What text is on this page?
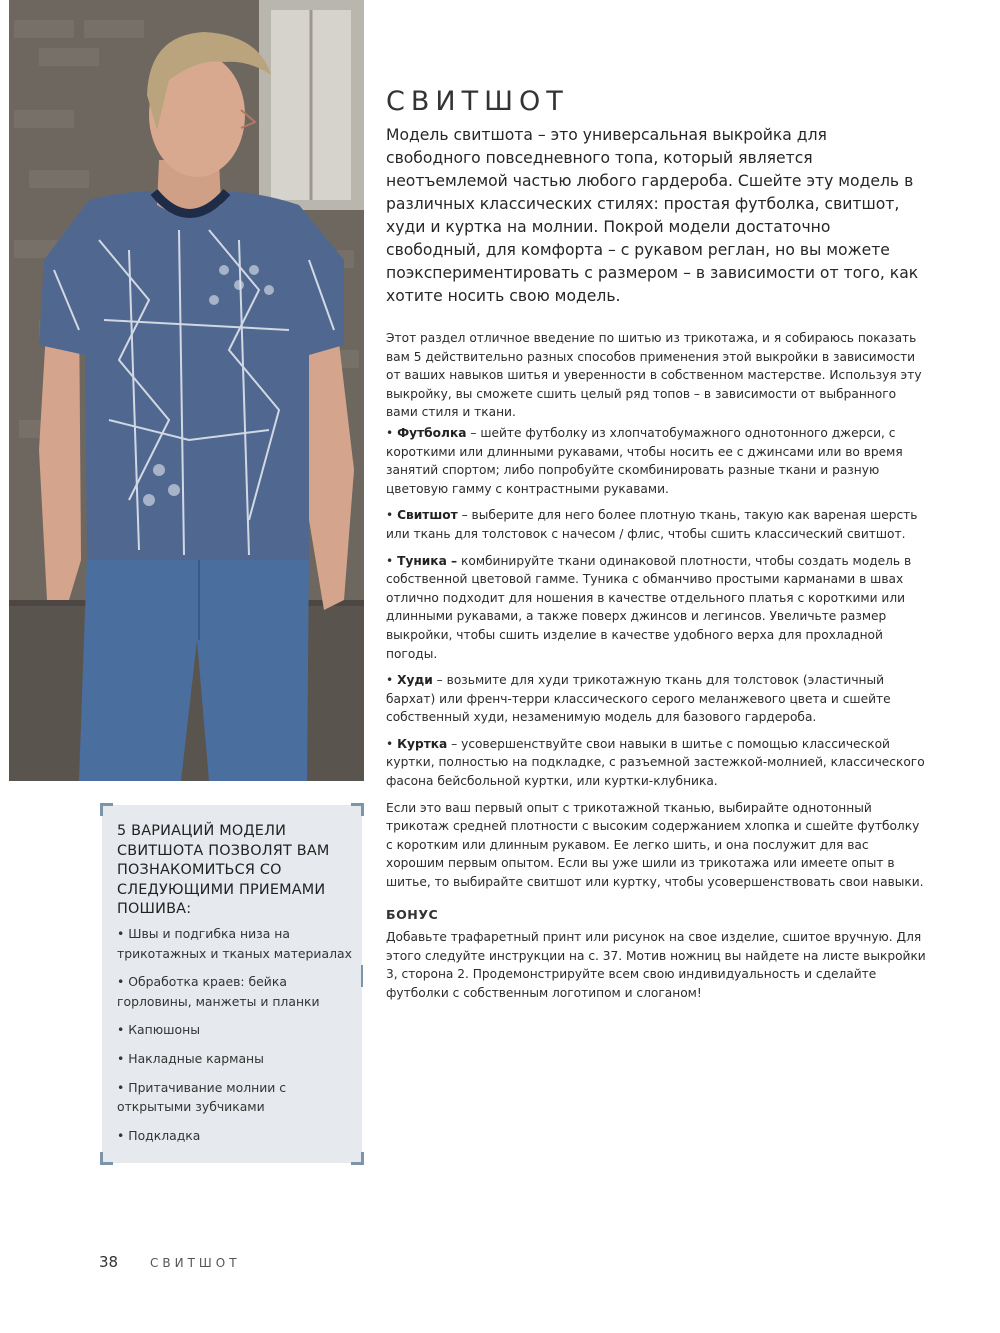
СВИТШОТ

Модель свитшота – это универсальная выкройка для свободного повседневного топа, который является неотъемлемой частью любого гардероба. Сшейте эту модель в различных классических стилях: простая футболка, свитшот, худи и куртка на молнии. Покрой модели достаточно свободный, для комфорта – с рукавом реглан, но вы можете поэкспериментировать с размером – в зависимости от того, как хотите носить свою модель.

Этот раздел отличное введение по шитью из трикотажа, и я собираюсь показать вам 5 действительно разных способов применения этой выкройки в зависимости от ваших навыков шитья и уверенности в собственном мастерстве. Используя эту выкройку, вы сможете сшить целый ряд топов – в зависимости от выбранного вами стиля и ткани.

• Футболка – шейте футболку из хлопчатобумажного однотонного джерси, с короткими или длинными рукавами, чтобы носить ее с джинсами или во время занятий спортом; либо попробуйте скомбинировать разные ткани и разную цветовую гамму с контрастными рукавами.

• Свитшот – выберите для него более плотную ткань, такую как вареная шерсть или ткань для толстовок с начесом / флис, чтобы сшить классический свитшот.

• Туника – комбинируйте ткани одинаковой плотности, чтобы создать модель в собственной цветовой гамме. Туника с обманчиво простыми карманами в швах отлично подходит для ношения в качестве отдельного платья с короткими или длинными рукавами, а также поверх джинсов и легинсов. Увеличьте размер выкройки, чтобы сшить изделие в качестве удобного верха для прохладной погоды.

• Худи – возьмите для худи трикотажную ткань для толстовок (эластичный бархат) или френч-терри классического серого меланжевого цвета и сшейте собственный худи, незаменимую модель для базового гардероба.

• Куртка – усовершенствуйте свои навыки в шитье с помощью классической куртки, полностью на подкладке, с разъемной застежкой-молнией, классического фасона бейсбольной куртки, или куртки-клубника.

Если это ваш первый опыт с трикотажной тканью, выбирайте однотонный трикотаж средней плотности с высоким содержанием хлопка и сшейте футболку с коротким или длинным рукавом. Ее легко шить, и она послужит для вас хорошим первым опытом. Если вы уже шили из трикотажа или имеете опыт в шитье, то выбирайте свитшот или куртку, чтобы усовершенствовать свои навыки.

БОНУС

Добавьте трафаретный принт или рисунок на свое изделие, сшитое вручную. Для этого следуйте инструкции на с. 37. Мотив ножниц вы найдете на листе выкройки 3, сторона 2. Продемонстрируйте всем свою индивидуальность и сделайте футболки с собственным логотипом и слоганом!

5 ВАРИАЦИЙ МОДЕЛИ СВИТШОТА ПОЗВОЛЯТ ВАМ ПОЗНАКОМИТЬСЯ СО СЛЕДУЮЩИМИ ПРИЕМАМИ ПОШИВА:
• Швы и подгибка низа на трикотажных и тканых материалах
• Обработка краев: бейка горловины, манжеты и планки
• Капюшоны
• Накладные карманы
• Притачивание молнии с открытыми зубчиками
• Подкладка
38	СВИТШОТ
